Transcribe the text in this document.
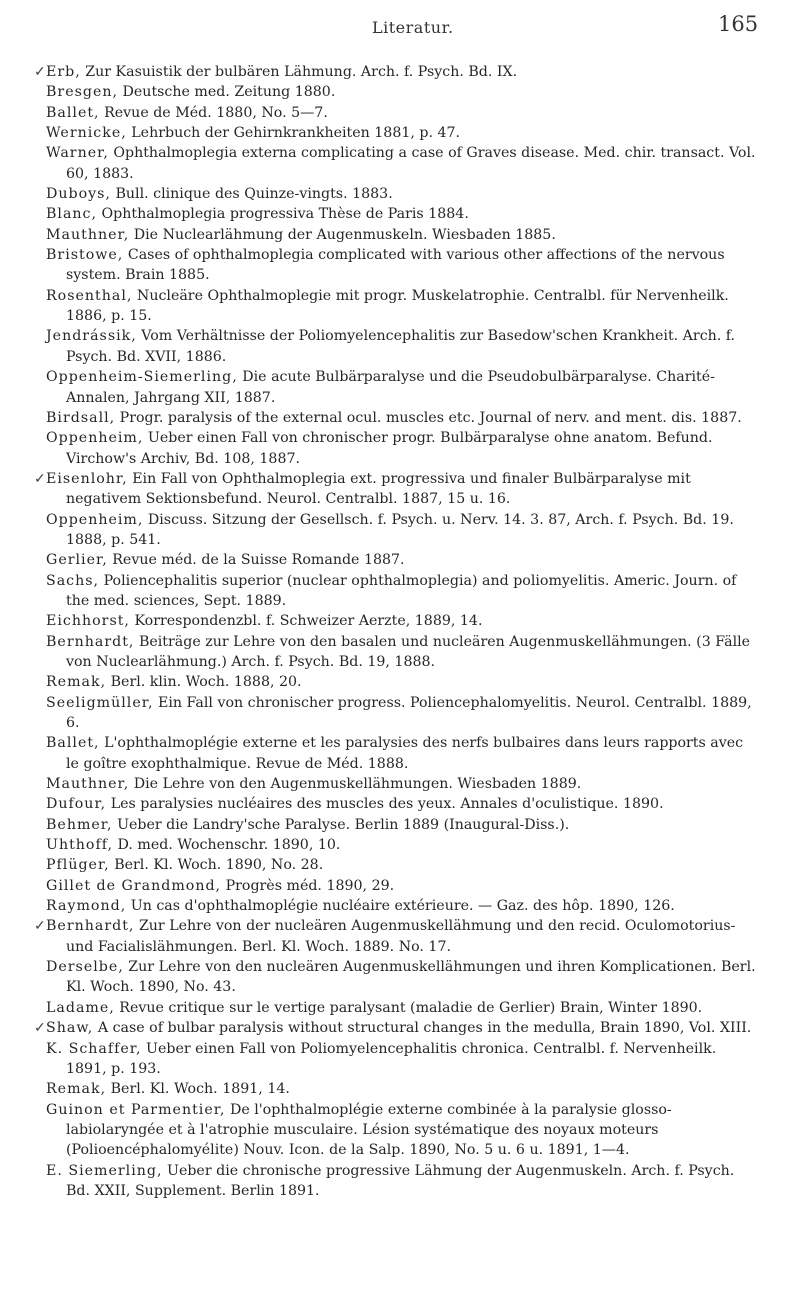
Literatur.	165
✓ Erb, Zur Kasuistik der bulbären Lähmung. Arch. f. Psych. Bd. IX.
Bresgen, Deutsche med. Zeitung 1880.
Ballet, Revue de Méd. 1880, No. 5—7.
Wernicke, Lehrbuch der Gehirnkrankheiten 1881, p. 47.
Warner, Ophthalmoplegia externa complicating a case of Graves disease. Med. chir. transact. Vol. 60, 1883.
Duboys, Bull. clinique des Quinze-vingts. 1883.
Blanc, Ophthalmoplegia progressiva Thèse de Paris 1884.
Mauthner, Die Nuclearlähmung der Augenmuskeln. Wiesbaden 1885.
Bristowe, Cases of ophthalmoplegia complicated with various other affections of the nervous system. Brain 1885.
Rosenthal, Nucleäre Ophthalmoplegie mit progr. Muskelatrophie. Centralbl. für Nervenheilk. 1886, p. 15.
Jendrássik, Vom Verhältnisse der Poliomyelencephalitis zur Basedow'schen Krankheit. Arch. f. Psych. Bd. XVII, 1886.
Oppenheim-Siemerling, Die acute Bulbärparalyse und die Pseudobulbärparalyse. Charité-Annalen, Jahrgang XII, 1887.
Birdsall, Progr. paralysis of the external ocul. muscles etc. Journal of nerv. and ment. dis. 1887.
Oppenheim, Ueber einen Fall von chronischer progr. Bulbärparalyse ohne anatom. Befund. Virchow's Archiv, Bd. 108, 1887.
✓ Eisenlohr, Ein Fall von Ophthalmoplegia ext. progressiva und finaler Bulbärparalyse mit negativem Sektionsbefund. Neurol. Centralbl. 1887, 15 u. 16.
Oppenheim, Discuss. Sitzung der Gesellsch. f. Psych. u. Nerv. 14. 3. 87, Arch. f. Psych. Bd. 19. 1888, p. 541.
Gerlier, Revue méd. de la Suisse Romande 1887.
Sachs, Poliencephalitis superior (nuclear ophthalmoplegia) and poliomyelitis. Americ. Journ. of the med. sciences, Sept. 1889.
Eichhorst, Korrespondenzbl. f. Schweizer Aerzte, 1889, 14.
Bernhardt, Beiträge zur Lehre von den basalen und nucleären Augenmuskellähmungen. (3 Fälle von Nuclearlähmung.) Arch. f. Psych. Bd. 19, 1888.
Remak, Berl. klin. Woch. 1888, 20.
Seeligmüller, Ein Fall von chronischer progress. Poliencephalomyelitis. Neurol. Centralbl. 1889, 6.
Ballet, L'ophthalmoplégie externe et les paralysies des nerfs bulbaires dans leurs rapports avec le goître exophthalmique. Revue de Méd. 1888.
Mauthner, Die Lehre von den Augenmuskellähmungen. Wiesbaden 1889.
Dufour, Les paralysies nucléaires des muscles des yeux. Annales d'oculistique. 1890.
Behmer, Ueber die Landry'sche Paralyse. Berlin 1889 (Inaugural-Diss.).
Uhthoff, D. med. Wochenschr. 1890, 10.
Pflüger, Berl. Kl. Woch. 1890, No. 28.
Gillet de Grandmond, Progrès méd. 1890, 29.
Raymond, Un cas d'ophthalmoplégie nucléaire extérieure. — Gaz. des hôp. 1890, 126.
✓ Bernhardt, Zur Lehre von der nucleären Augenmuskellähmung und den recid. Oculomotorius- und Facialislähmungen. Berl. Kl. Woch. 1889. No. 17.
Derselbe, Zur Lehre von den nucleären Augenmuskellähmungen und ihren Komplicationen. Berl. Kl. Woch. 1890, No. 43.
Ladame, Revue critique sur le vertige paralysant (maladie de Gerlier) Brain, Winter 1890.
✓ Shaw, A case of bulbar paralysis without structural changes in the medulla, Brain 1890, Vol. XIII.
K. Schaffer, Ueber einen Fall von Poliomyelencephalitis chronica. Centralbl. f. Nervenheilk. 1891, p. 193.
Remak, Berl. Kl. Woch. 1891, 14.
Guinon et Parmentier, De l'ophthalmoplégie externe combinée à la paralysie glosso-labiolaryngée et à l'atrophie musculaire. Lésion systématique des noyaux moteurs (Polioencéphalomyélite) Nouv. Icon. de la Salp. 1890, No. 5 u. 6 u. 1891, 1—4.
E. Siemerling, Ueber die chronische progressive Lähmung der Augenmuskeln. Arch. f. Psych. Bd. XXII, Supplement. Berlin 1891.
